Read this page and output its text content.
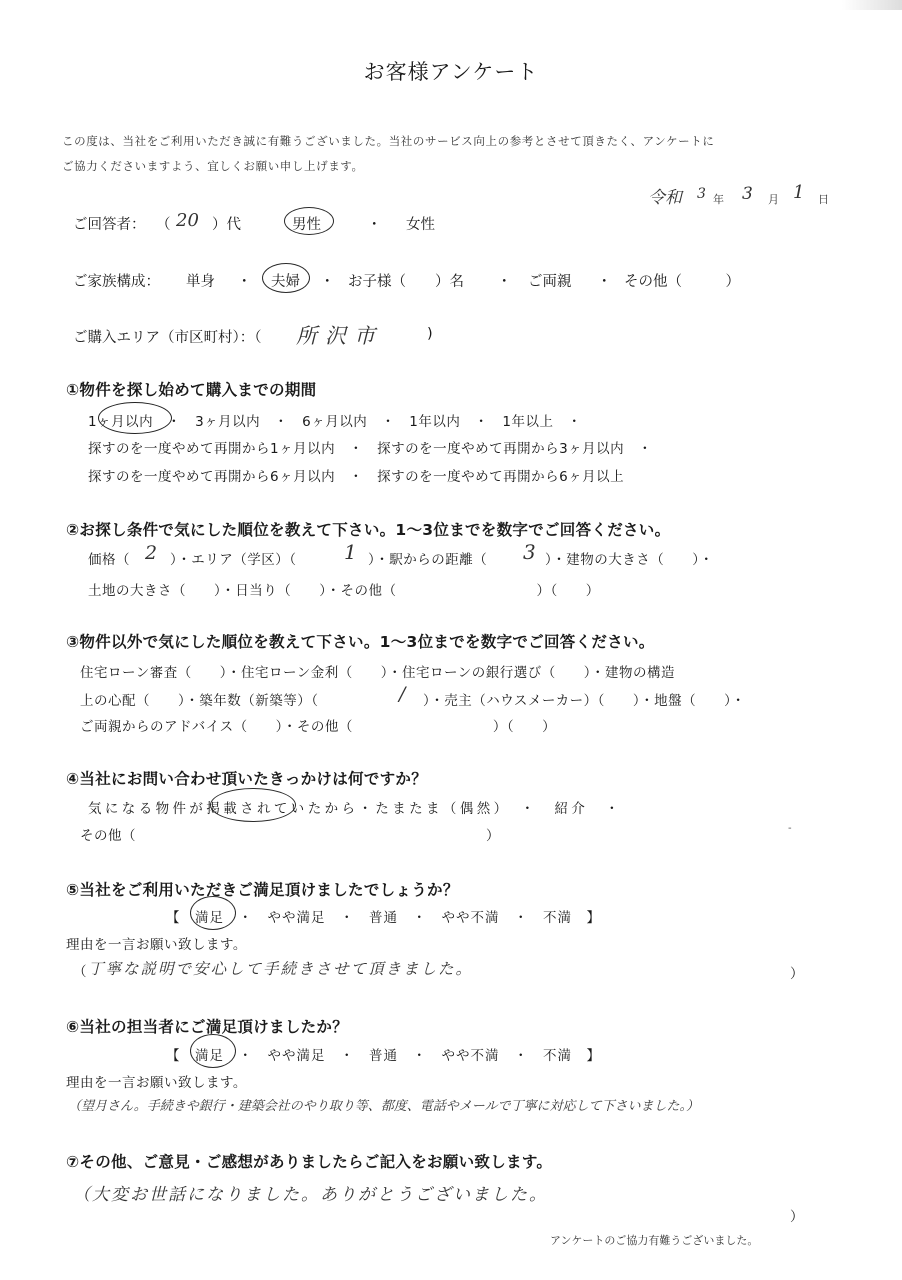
お客様アンケート
この度は、当社をご利用いただき誠に有難うございました。当社のサービス向上の参考とさせて頂きたく、アンケートに
ご協力くださいますよう、宜しくお願い申し上げます。
令和 3 年 3 月 1 日
ご回答者： （ 20 ）代	男性	・ 女性
ご家族構成： 単身 ・ 夫婦 ・ お子様（　　）名 ・ ご両親 ・ その他（　　　）
ご購入エリア（市区町村）：（ 所沢市	)
①物件を探し始めて購入までの期間
1ヶ月以内　・　3ヶ月以内　・　6ヶ月以内　・　1年以内　・　1年以上　・
探すのを一度やめて再開から1ヶ月以内　・　探すのを一度やめて再開から3ヶ月以内　・
探すのを一度やめて再開から6ヶ月以内　・　探すのを一度やめて再開から6ヶ月以上
②お探し条件で気にした順位を教えて下さい。1～3位までを数字でご回答ください。
価格（ 2 ）・エリア（学区）（ 1 ）・駅からの距離（ 3 ）・建物の大きさ（　　）・
土地の大きさ（　　）・日当り（　　）・その他（　　　　　　　　　　）（　　）
③物件以外で気にした順位を教えて下さい。1～3位までを数字でご回答ください。
住宅ローン審査（　　）・住宅ローン金利（　　）・住宅ローンの銀行選び（　　）・建物の構造
上の心配（　　）・築年数（新築等）（	/ ）・売主（ハウスメーカー）（　　）・地盤（　　）・
ご両親からのアドバイス（　　）・その他（　　　　　　　　　　）（　　）
④当社にお問い合わせ頂いたきっかけは何ですか？
気になる物件が掲載されていたから・たまたま（偶然）　・　紹介　・
その他（　　　　　　　　　　　　　　　　　　　　　　　　　）	-
⑤当社をご利用いただきご満足頂けましたでしょうか？
【　満足　・　やや満足　・　普通　・　やや不満　・　不満　】
理由を一言お願い致します。
（ 丁寧な説明で安心して手続きさせて頂きました。	）
⑥当社の担当者にご満足頂けましたか？
【　満足　・　やや満足　・　普通　・　やや不満　・　不満　】
理由を一言お願い致します。
（望月さん。手続きや銀行・建築会社のやり取り等、都度、電話やメールで丁寧に対応して下さいました。）
⑦その他、ご意見・ご感想がありましたらご記入をお願い致します。
（大変お世話になりました。ありがとうございました。
）
アンケートのご協力有難うございました。
